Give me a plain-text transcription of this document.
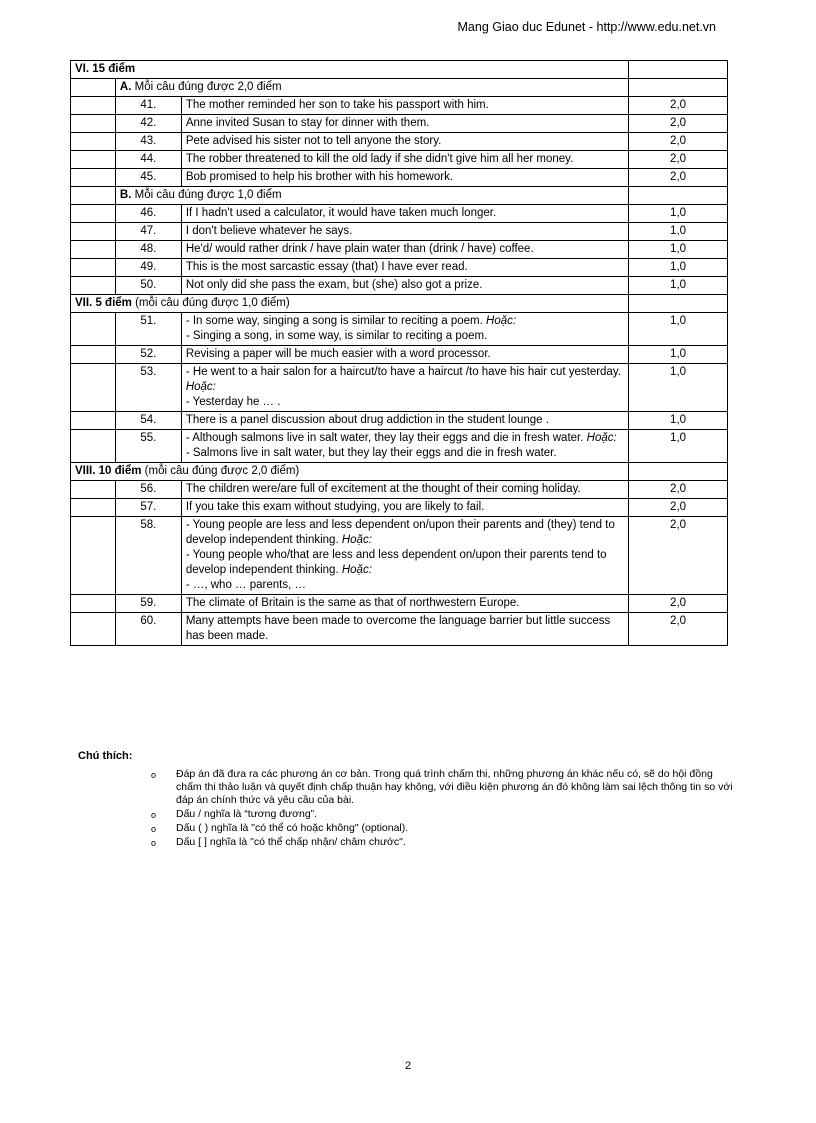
Mang Giao duc Edunet - http://www.edu.net.vn
VI. 15 điểm			
	A. Mỗi câu đúng được 2,0 điểm		
	41.	The mother reminded her son to take his passport with him.	2,0
	42.	Anne invited Susan to stay for dinner with them.	2,0
	43.	Pete advised his sister not to tell anyone the story.	2,0
	44.	The robber threatened to kill the old lady if she didn't give him all her money.	2,0
	45.	Bob promised to help his brother with his homework.	2,0
	B. Mỗi câu đúng được 1,0 điểm		
	46.	If I hadn't used a calculator, it would have taken much longer.	1,0
	47.	I don't believe whatever he says.	1,0
	48.	He'd/ would rather drink / have plain water than (drink / have) coffee.	1,0
	49.	This is the most sarcastic essay (that) I have ever read.	1,0
	50.	Not only did she pass the exam, but (she) also got a prize.	1,0
VII. 5 điểm (mỗi câu đúng được 1,0 điểm)			
	51.	- In some way, singing a song is similar to reciting a poem. Hoặc:
- Singing a song, in some way, is similar to reciting a poem.	1,0
	52.	Revising a paper will be much easier with a word processor.	1,0
	53.	- He went to a hair salon for a haircut/to have a haircut /to have his hair cut yesterday. Hoặc:
- Yesterday he … .	1,0
	54.	There is a panel discussion about drug addiction in the student lounge .	1,0
	55.	- Although salmons live in salt water, they lay their eggs and die in fresh water. Hoặc:
- Salmons live in salt water, but they lay their eggs and die in fresh water.	1,0
VIII. 10 điểm (mỗi câu đúng được 2,0 điểm)			
	56.	The children were/are full of excitement at the thought of their coming holiday.	2,0
	57.	If you take this exam without studying, you are likely to fail.	2,0
	58.	- Young people are less and less dependent on/upon their parents and (they) tend to develop independent thinking. Hoặc:
- Young people who/that are less and less dependent on/upon their parents tend to develop independent thinking. Hoặc:
- …, who … parents, …	2,0
	59.	The climate of Britain is the same as that of northwestern Europe.	2,0
	60.	Many attempts have been made to overcome the language barrier but little success has been made.	2,0
Chú thích:
o Đáp án đã đưa ra các phương án cơ bản. Trong quá trình chấm thi, những phương án khác nếu có, sẽ do hội đồng chấm thi thảo luận và quyết định chấp thuận hay không, với điều kiện phương án đó không làm sai lệch thông tin so với đáp án chính thức và yêu cầu của bài.
o Dấu / nghĩa là “tương đương”.
o Dấu ( ) nghĩa là "có thể có hoặc không" (optional).
o Dấu [ ] nghĩa là "có thể chấp nhận/ châm chước".
2
